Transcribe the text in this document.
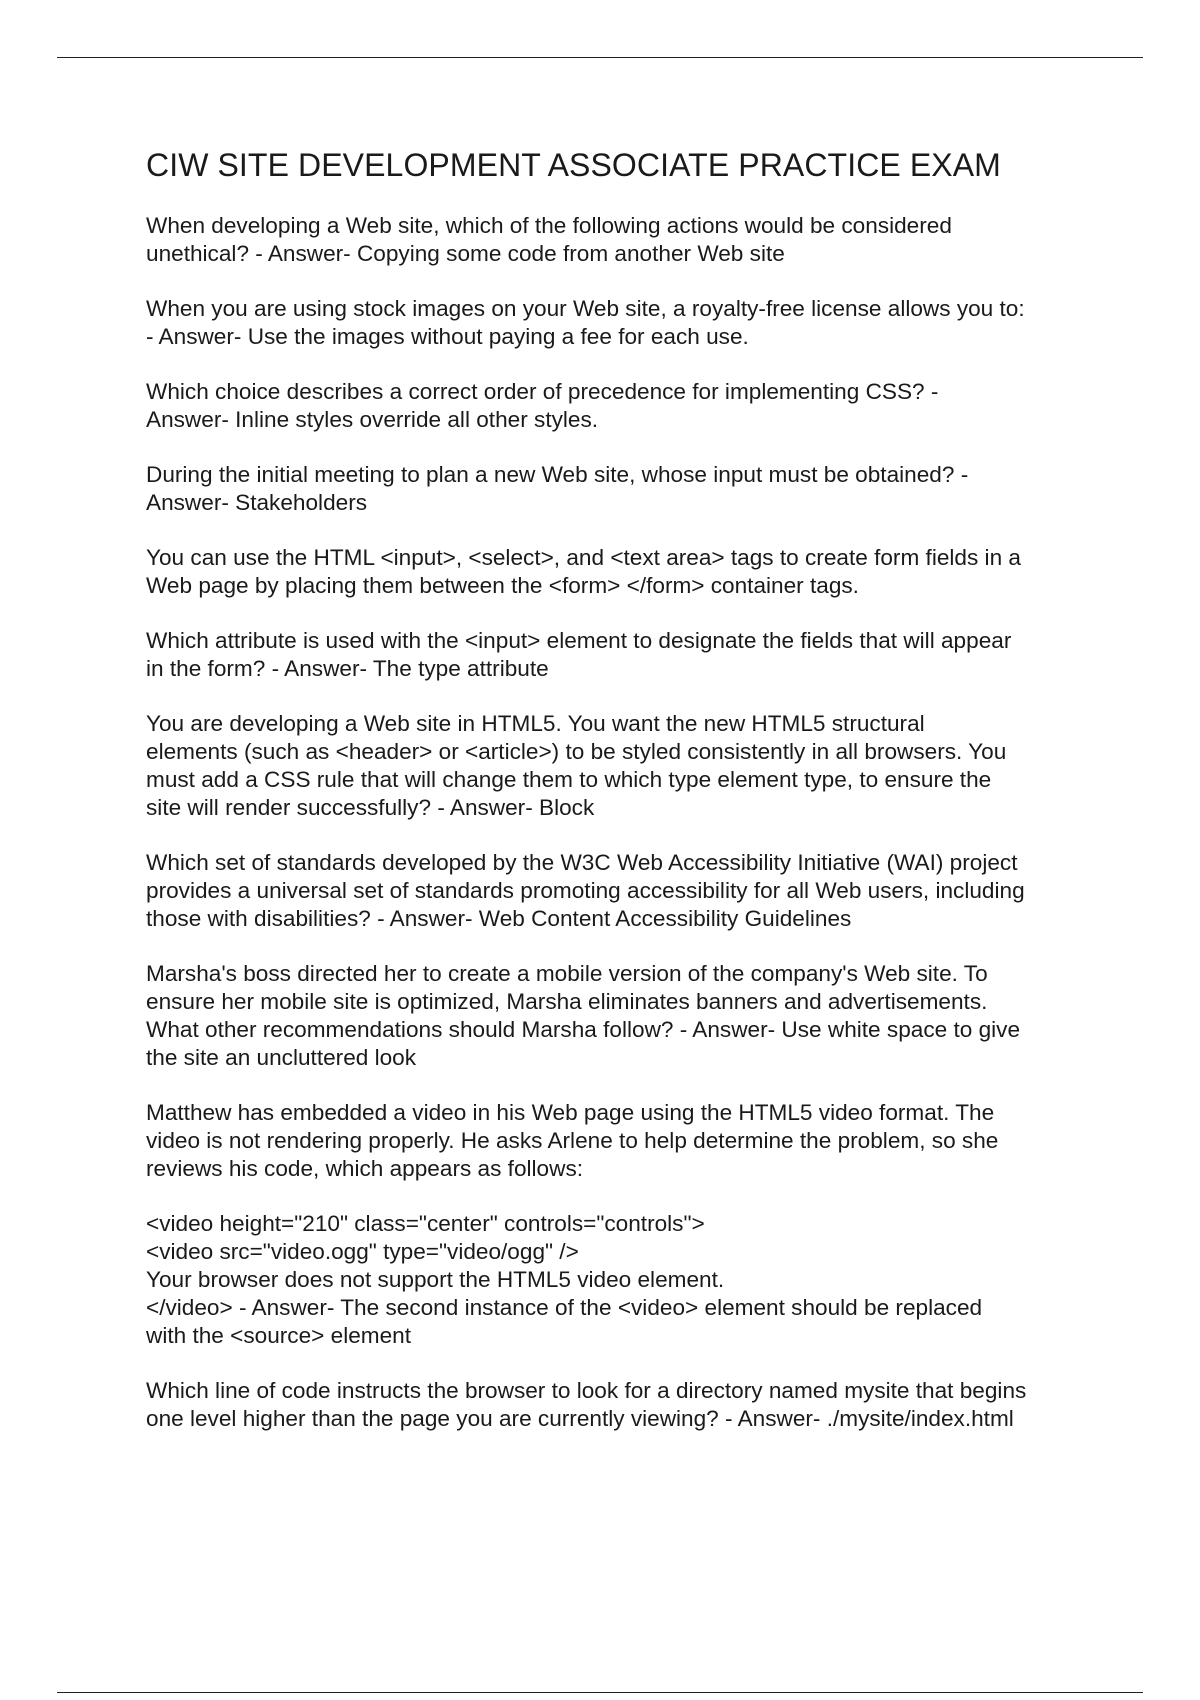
CIW SITE DEVELOPMENT ASSOCIATE PRACTICE EXAM

When developing a Web site, which of the following actions would be considered
unethical? - Answer- Copying some code from another Web site

When you are using stock images on your Web site, a royalty-free license allows you to:
- Answer- Use the images without paying a fee for each use.

Which choice describes a correct order of precedence for implementing CSS? -
Answer- Inline styles override all other styles.

During the initial meeting to plan a new Web site, whose input must be obtained? -
Answer- Stakeholders

You can use the HTML <input>, <select>, and <text area> tags to create form fields in a
Web page by placing them between the <form> </form> container tags.

Which attribute is used with the <input> element to designate the fields that will appear
in the form? - Answer- The type attribute

You are developing a Web site in HTML5. You want the new HTML5 structural
elements (such as <header> or <article>) to be styled consistently in all browsers. You
must add a CSS rule that will change them to which type element type, to ensure the
site will render successfully? - Answer- Block

Which set of standards developed by the W3C Web Accessibility Initiative (WAI) project
provides a universal set of standards promoting accessibility for all Web users, including
those with disabilities? - Answer- Web Content Accessibility Guidelines

Marsha's boss directed her to create a mobile version of the company's Web site. To
ensure her mobile site is optimized, Marsha eliminates banners and advertisements.
What other recommendations should Marsha follow? - Answer- Use white space to give
the site an uncluttered look

Matthew has embedded a video in his Web page using the HTML5 video format. The
video is not rendering properly. He asks Arlene to help determine the problem, so she
reviews his code, which appears as follows:

<video height="210" class="center" controls="controls">
<video src="video.ogg" type="video/ogg" />
Your browser does not support the HTML5 video element.
</video> - Answer- The second instance of the <video> element should be replaced
with the <source> element

Which line of code instructs the browser to look for a directory named mysite that begins
one level higher than the page you are currently viewing? - Answer- ./mysite/index.html
